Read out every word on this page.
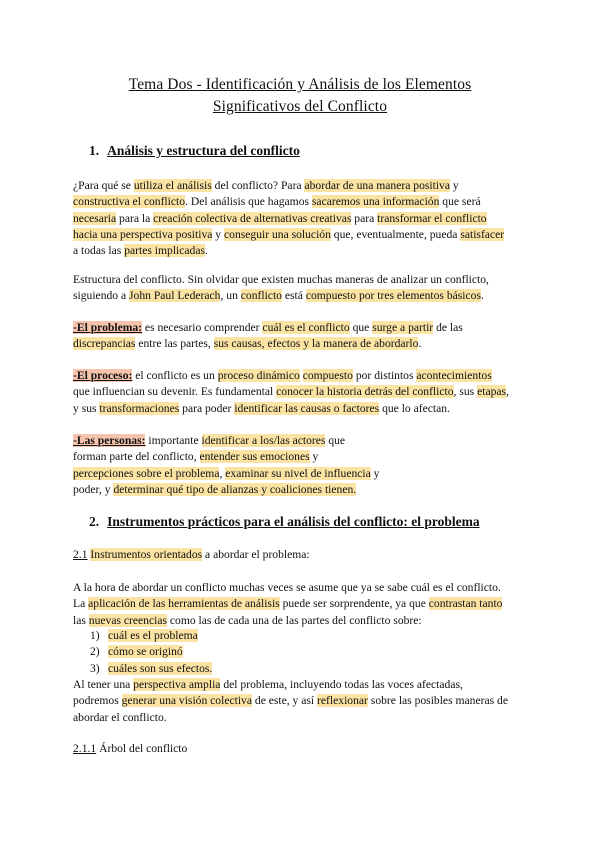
Tema Dos - Identificación y Análisis de los Elementos
Significativos del Conflicto
1. Análisis y estructura del conflicto
¿Para qué se utiliza el análisis del conflicto? Para abordar de una manera positiva y
constructiva el conflicto. Del análisis que hagamos sacaremos una información que será
necesaria para la creación colectiva de alternativas creativas para transformar el conflicto
hacia una perspectiva positiva y conseguir una solución que, eventualmente, pueda satisfacer
a todas las partes implicadas.
Estructura del conflicto. Sin olvidar que existen muchas maneras de analizar un conflicto,
siguiendo a John Paul Lederach, un conflicto está compuesto por tres elementos básicos.
-El problema: es necesario comprender cuál es el conflicto que surge a partir de las
discrepancias entre las partes, sus causas, efectos y la manera de abordarlo.
-El proceso: el conflicto es un proceso dinámico compuesto por distintos acontecimientos
que influencian su devenir. Es fundamental conocer la historia detrás del conflicto, sus etapas,
y sus transformaciones para poder identificar las causas o factores que lo afectan.
-Las personas: importante identificar a los/las actores que
forman parte del conflicto, entender sus emociones y
percepciones sobre el problema, examinar su nivel de influencia y
poder, y determinar qué tipo de alianzas y coaliciones tienen.
2. Instrumentos prácticos para el análisis del conflicto: el problema
2.1 Instrumentos orientados a abordar el problema:
A la hora de abordar un conflicto muchas veces se asume que ya se sabe cuál es el conflicto.
La aplicación de las herramientas de análisis puede ser sorprendente, ya que contrastan tanto
las nuevas creencias como las de cada una de las partes del conflicto sobre:
1) cuál es el problema
2) cómo se originó
3) cuáles son sus efectos.
Al tener una perspectiva amplia del problema, incluyendo todas las voces afectadas,
podremos generar una visión colectiva de este, y así reflexionar sobre las posibles maneras de
abordar el conflicto.
2.1.1 Árbol del conflicto
